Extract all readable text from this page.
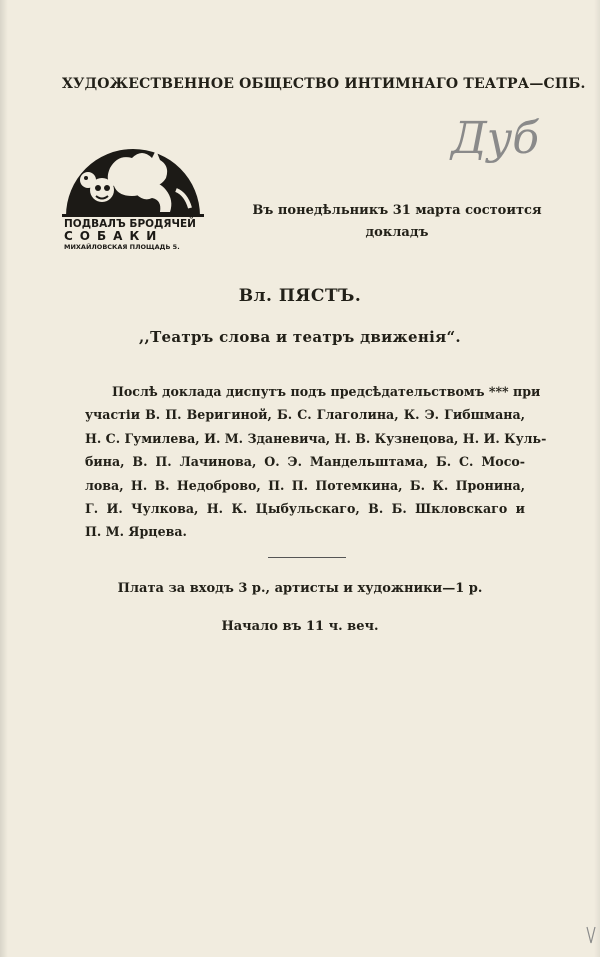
ХУДОЖЕСТВЕННОЕ ОБЩЕСТВО ИНТИМНАГО ТЕАТРА—СПБ.
ПОДВАЛЪ БРОДЯЧЕЙ
СОБАКИ
МИХАЙЛОВСКАЯ ПЛОЩАДЬ 5.
Дуб
Въ понедѣльникъ 31 марта состоится
докладъ
Вл. ПЯСТЪ.
,,Театръ слова и театръ движенія“.
Послѣ доклада диспутъ подъ предсѣдательствомъ *** при
участіи В. П. Веригиной, Б. С. Глаголина, К. Э. Гибшмана,
Н. С. Гумилева, И. М. Зданевича, Н. В. Кузнецова, Н. И. Куль-
бина, В. П. Лачинова, О. Э. Мандельштама, Б. С. Мосо-
лова, Н. В. Недоброво, П. П. Потемкина, Б. К. Пронина,
Г. И. Чулкова, Н. К. Цыбульскаго, В. Б. Шкловскаго и
П. М. Ярцева.
Плата за входъ 3 р., артисты и художники—1 р.
Начало въ 11 ч. веч.
